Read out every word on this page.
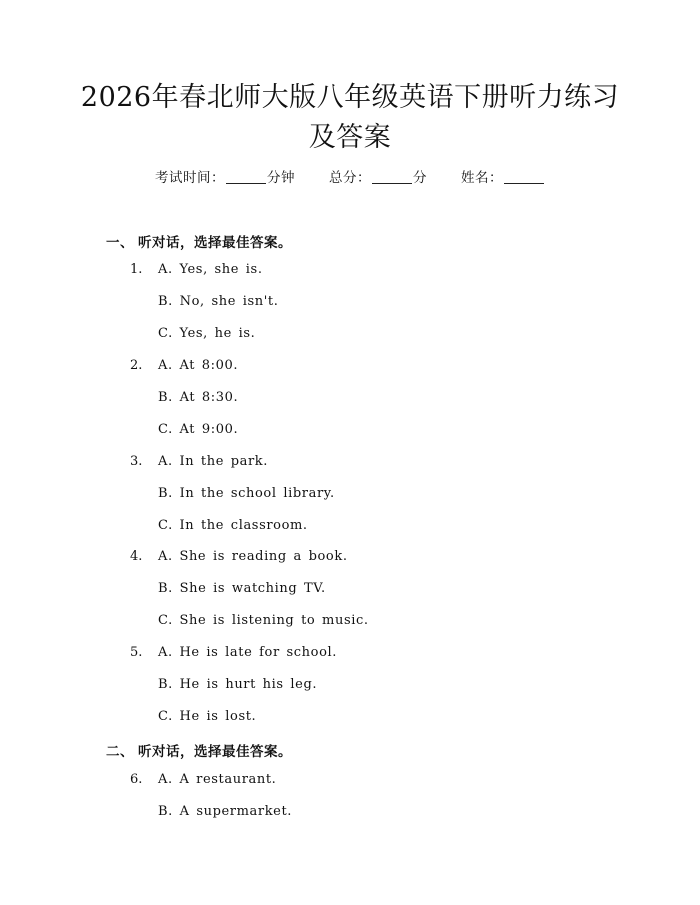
2026年春北师大版八年级英语下册听力练习
及答案
考试时间：	分钟	总分：	分	姓名：
一、 听对话，选择最佳答案。
1. A. Yes, she is.
B. No, she isn't.
C. Yes, he is.
2. A. At 8:00.
B. At 8:30.
C. At 9:00.
3. A. In the park.
B. In the school library.
C. In the classroom.
4. A. She is reading a book.
B. She is watching TV.
C. She is listening to music.
5. A. He is late for school.
B. He is hurt his leg.
C. He is lost.
二、 听对话，选择最佳答案。
6. A. A restaurant.
B. A supermarket.
